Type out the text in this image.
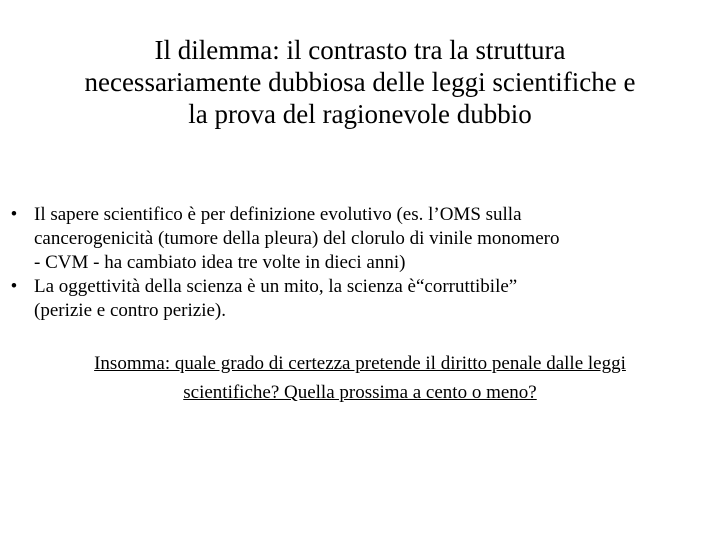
Il dilemma: il contrasto tra la struttura
necessariamente dubbiosa delle leggi scientifiche e
la prova del ragionevole dubbio
• Il sapere scientifico è per definizione evolutivo (es. l’OMS sulla
cancerogenicità (tumore della pleura) del clorulo di vinile monomero
- CVM - ha cambiato idea tre volte in dieci anni)
• La oggettività della scienza è un mito, la scienza è“corruttibile”
(perizie e contro perizie).

Insomma: quale grado di certezza pretende il diritto penale dalle leggi
scientifiche? Quella prossima a cento o meno?
